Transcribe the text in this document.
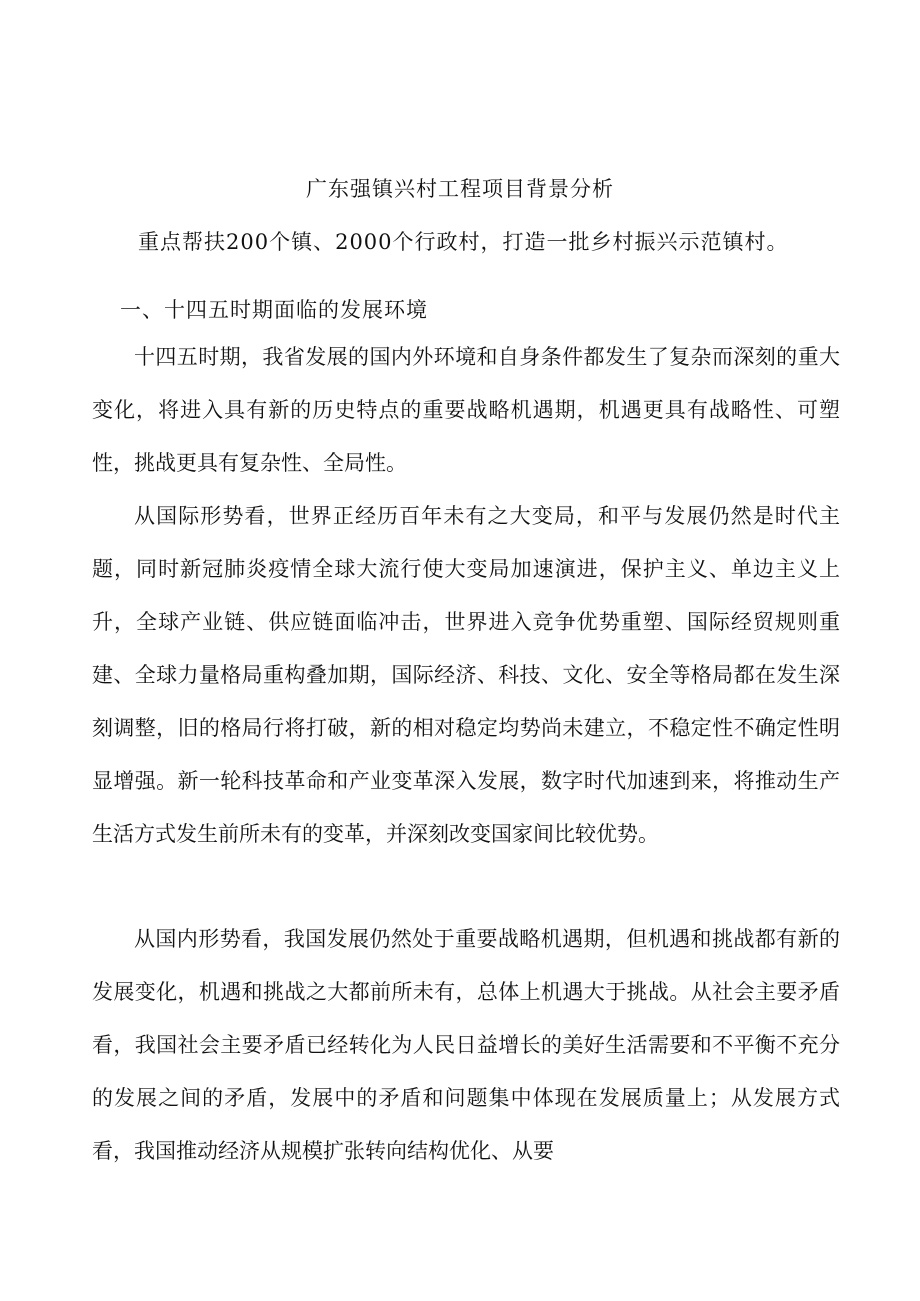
广东强镇兴村工程项目背景分析
重点帮扶200个镇、2000个行政村，打造一批乡村振兴示范镇村。
一、十四五时期面临的发展环境

十四五时期，我省发展的国内外环境和自身条件都发生了复杂而深刻的重大变化，将进入具有新的历史特点的重要战略机遇期，机遇更具有战略性、可塑性，挑战更具有复杂性、全局性。

从国际形势看，世界正经历百年未有之大变局，和平与发展仍然是时代主题，同时新冠肺炎疫情全球大流行使大变局加速演进，保护主义、单边主义上升，全球产业链、供应链面临冲击，世界进入竞争优势重塑、国际经贸规则重建、全球力量格局重构叠加期，国际经济、科技、文化、安全等格局都在发生深刻调整，旧的格局行将打破，新的相对稳定均势尚未建立，不稳定性不确定性明显增强。新一轮科技革命和产业变革深入发展，数字时代加速到来，将推动生产生活方式发生前所未有的变革，并深刻改变国家间比较优势。

从国内形势看，我国发展仍然处于重要战略机遇期，但机遇和挑战都有新的发展变化，机遇和挑战之大都前所未有，总体上机遇大于挑战。从社会主要矛盾看，我国社会主要矛盾已经转化为人民日益增长的美好生活需要和不平衡不充分的发展之间的矛盾，发展中的矛盾和问题集中体现在发展质量上；从发展方式看，我国推动经济从规模扩张转向结构优化、从要
